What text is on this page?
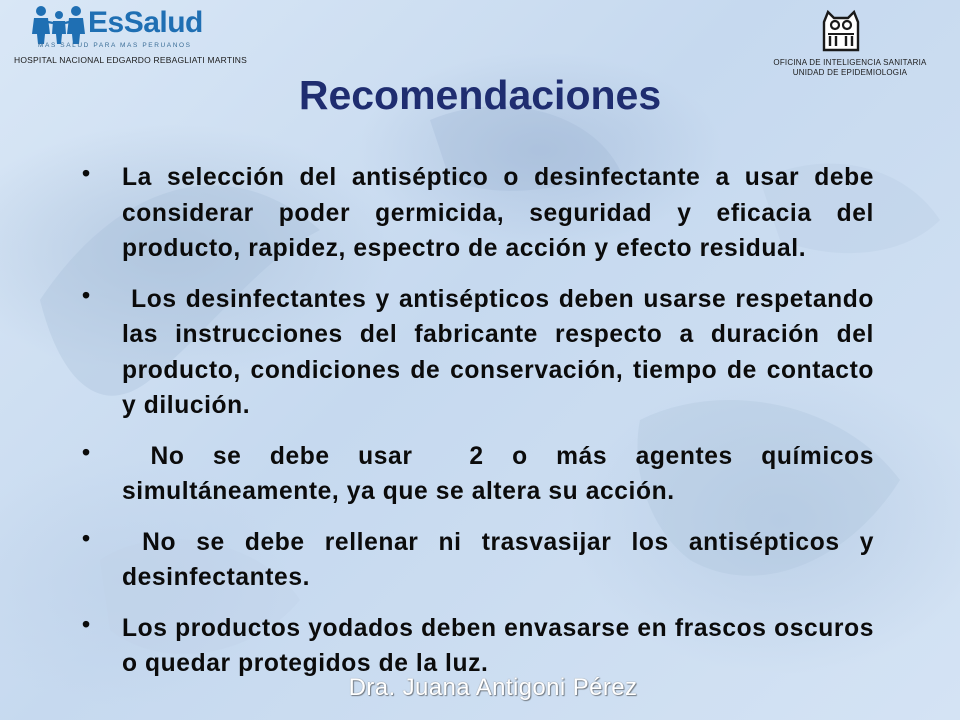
EsSalud
MAS SALUD PARA MAS PERUANOS
HOSPITAL NACIONAL EDGARDO REBAGLIATI MARTINS	OFICINA DE INTELIGENCIA SANITARIA
UNIDAD DE EPIDEMIOLOGIA
Recomendaciones
• La selección del antiséptico o desinfectante a usar debe considerar poder germicida, seguridad y eficacia del producto, rapidez, espectro de acción y efecto residual.
• Los desinfectantes y antisépticos deben usarse respetando las instrucciones del fabricante respecto a duración del producto, condiciones de conservación, tiempo de contacto y dilución.
• No se debe usar  2 o más agentes químicos simultáneamente, ya que se altera su acción.
• No se debe rellenar ni trasvasijar los antisépticos y desinfectantes.
• Los productos yodados deben envasarse en frascos oscuros o quedar protegidos de la luz.
Dra. Juana Antigoni Pérez
